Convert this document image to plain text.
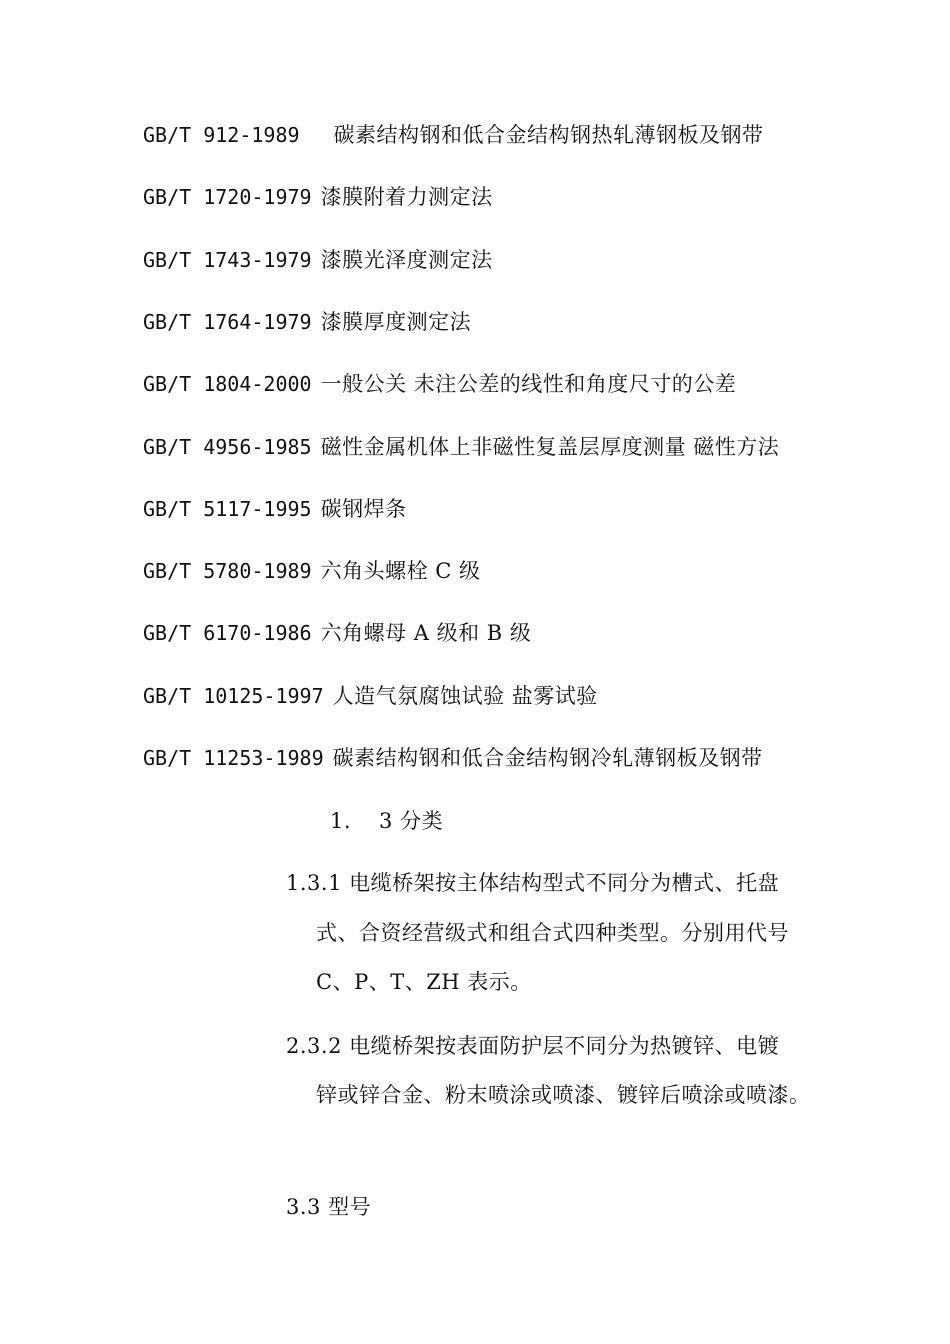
GB/T 912-1989 碳素结构钢和低合金结构钢热轧薄钢板及钢带
GB/T 1720-1979 漆膜附着力测定法
GB/T 1743-1979 漆膜光泽度测定法
GB/T 1764-1979 漆膜厚度测定法
GB/T 1804-2000 一般公关 未注公差的线性和角度尺寸的公差
GB/T 4956-1985 磁性金属机体上非磁性复盖层厚度测量 磁性方法
GB/T 5117-1995 碳钢焊条
GB/T 5780-1989 六角头螺栓 C 级
GB/T 6170-1986 六角螺母 A 级和 B 级
GB/T 10125-1997 人造气氛腐蚀试验 盐雾试验
GB/T 11253-1989 碳素结构钢和低合金结构钢冷轧薄钢板及钢带
1. 3 分类
1.3.1 电缆桥架按主体结构型式不同分为槽式、托盘
式、合资经营级式和组合式四种类型。分别用代号
C、P、T、ZH 表示。
2.3.2 电缆桥架按表面防护层不同分为热镀锌、电镀
锌或锌合金、粉末喷涂或喷漆、镀锌后喷涂或喷漆。
3.3 型号
